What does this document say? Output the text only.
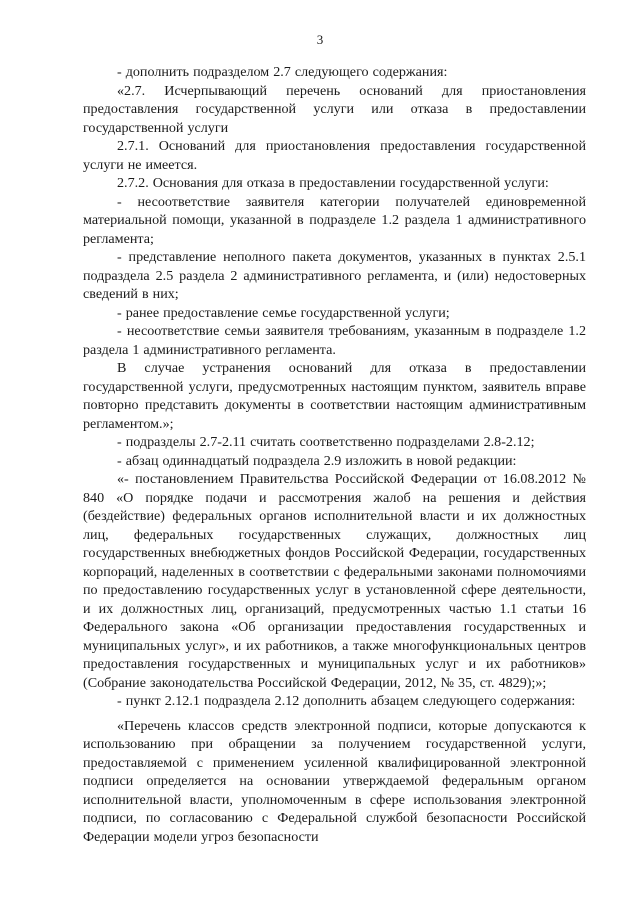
3

- дополнить подразделом 2.7 следующего содержания:

«2.7. Исчерпывающий перечень оснований для приостановления предоставления государственной услуги или отказа в предоставлении государственной услуги

2.7.1. Оснований для приостановления предоставления государственной услуги не имеется.

2.7.2. Основания для отказа в предоставлении государственной услуги:

- несоответствие заявителя категории получателей единовременной материальной помощи, указанной в подразделе 1.2 раздела 1 административного регламента;

- представление неполного пакета документов, указанных в пунктах 2.5.1 подраздела 2.5 раздела 2 административного регламента, и (или) недостоверных сведений в них;

- ранее предоставление семье государственной услуги;

- несоответствие семьи заявителя требованиям, указанным в подразделе 1.2 раздела 1 административного регламента.

В случае устранения оснований для отказа в предоставлении государственной услуги, предусмотренных настоящим пунктом, заявитель вправе повторно представить документы в соответствии настоящим административным регламентом.»;

- подразделы 2.7-2.11 считать соответственно подразделами 2.8-2.12;

- абзац одиннадцатый подраздела 2.9 изложить в новой редакции:

«- постановлением Правительства Российской Федерации от 16.08.2012 № 840 «О порядке подачи и рассмотрения жалоб на решения и действия (бездействие) федеральных органов исполнительной власти и их должностных лиц, федеральных государственных служащих, должностных лиц государственных внебюджетных фондов Российской Федерации, государственных корпораций, наделенных в соответствии с федеральными законами полномочиями по предоставлению государственных услуг в установленной сфере деятельности, и их должностных лиц, организаций, предусмотренных частью 1.1 статьи 16 Федерального закона «Об организации предоставления государственных и муниципальных услуг», и их работников, а также многофункциональных центров предоставления государственных и муниципальных услуг и их работников» (Собрание законодательства Российской Федерации, 2012, № 35, ст. 4829);»;

- пункт 2.12.1 подраздела 2.12 дополнить абзацем следующего содержания:

«Перечень классов средств электронной подписи, которые допускаются к использованию при обращении за получением государственной услуги, предоставляемой с применением усиленной квалифицированной электронной подписи определяется на основании утверждаемой федеральным органом исполнительной власти, уполномоченным в сфере использования электронной подписи, по согласованию с Федеральной службой безопасности Российской Федерации модели угроз безопасности
